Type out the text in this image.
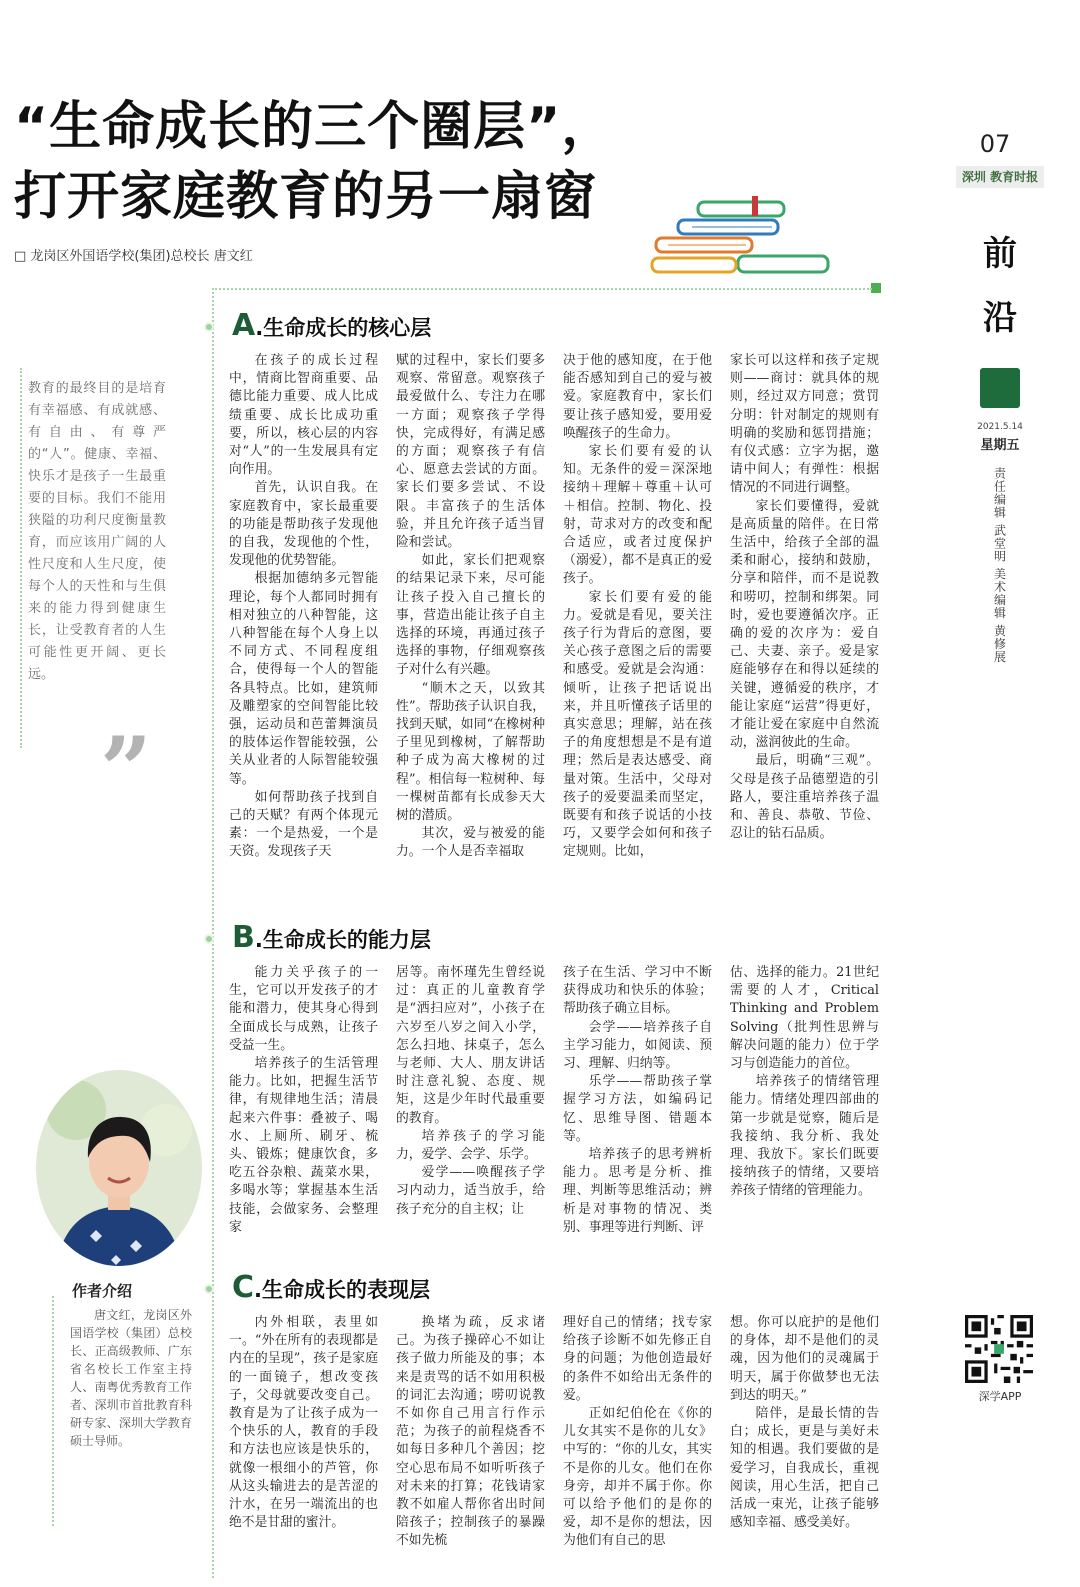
“生命成长的三个圈层”，
打开家庭教育的另一扇窗
□ 龙岗区外国语学校(集团)总校长 唐文红
07
深圳 教育时报
前
沿
2021.5.14
星期五
责任编辑 武堂明 美术编辑 黄修展
深学APP
教育的最终目的是培育有幸福感、有成就感、有自由、有尊严的“人”。健康、幸福、快乐才是孩子一生最重要的目标。我们不能用狭隘的功利尺度衡量教育，而应该用广阔的人性尺度和人生尺度，使每个人的天性和与生俱来的能力得到健康生长，让受教育者的人生可能性更开阔、更长远。
”
A.生命成长的核心层

在孩子的成长过程中，情商比智商重要、品德比能力重要、成人比成绩重要、成长比成功重要，所以，核心层的内容对“人”的一生发展具有定向作用。

首先，认识自我。在家庭教育中，家长最重要的功能是帮助孩子发现他的自我，发现他的个性，发现他的优势智能。

根据加德纳多元智能理论，每个人都同时拥有相对独立的八种智能，这八种智能在每个人身上以不同方式、不同程度组合，使得每一个人的智能各具特点。比如，建筑师及雕塑家的空间智能比较强，运动员和芭蕾舞演员的肢体运作智能较强，公关从业者的人际智能较强等。

如何帮助孩子找到自己的天赋？有两个体现元素：一个是热爱，一个是天资。发现孩子天

赋的过程中，家长们要多观察、常留意。观察孩子最爱做什么、专注力在哪一方面；观察孩子学得快，完成得好，有满足感的方面；观察孩子有信心、愿意去尝试的方面。家长们要多尝试、不设限。丰富孩子的生活体验，并且允许孩子适当冒险和尝试。

如此，家长们把观察的结果记录下来，尽可能让孩子投入自己擅长的事，营造出能让孩子自主选择的环境，再通过孩子选择的事物，仔细观察孩子对什么有兴趣。

“顺木之天，以致其性”。帮助孩子认识自我，找到天赋，如同“在橡树种子里见到橡树，了解帮助种子成为高大橡树的过程”。相信每一粒树种、每一棵树苗都有长成参天大树的潜质。

其次，爱与被爱的能力。一个人是否幸福取

决于他的感知度，在于他能否感知到自己的爱与被爱。家庭教育中，家长们要让孩子感知爱，要用爱唤醒孩子的生命力。

家长们要有爱的认知。无条件的爱＝深深地接纳＋理解＋尊重＋认可＋相信。控制、物化、投射，苛求对方的改变和配合适应，或者过度保护（溺爱），都不是真正的爱孩子。

家长们要有爱的能力。爱就是看见，要关注孩子行为背后的意图，要关心孩子意图之后的需要和感受。爱就是会沟通：倾听，让孩子把话说出来，并且听懂孩子话里的真实意思；理解，站在孩子的角度想想是不是有道理；然后是表达感受、商量对策。生活中，父母对孩子的爱要温柔而坚定，既要有和孩子说话的小技巧，又要学会如何和孩子定规则。比如，

家长可以这样和孩子定规则——商讨：就具体的规则，经过双方同意；赏罚分明：针对制定的规则有明确的奖励和惩罚措施；有仪式感：立字为据，邀请中间人；有弹性：根据情况的不同进行调整。

家长们要懂得，爱就是高质量的陪伴。在日常生活中，给孩子全部的温柔和耐心，接纳和鼓励，分享和陪伴，而不是说教和唠叨，控制和绑架。同时，爱也要遵循次序。正确的爱的次序为：爱自己、夫妻、亲子。爱是家庭能够存在和得以延续的关键，遵循爱的秩序，才能让家庭“运营”得更好，才能让爱在家庭中自然流动，滋润彼此的生命。

最后，明确“三观”。父母是孩子品德塑造的引路人，要注重培养孩子温和、善良、恭敬、节俭、忍让的钻石品质。

B.生命成长的能力层

能力关乎孩子的一生，它可以开发孩子的才能和潜力，使其身心得到全面成长与成熟，让孩子受益一生。

培养孩子的生活管理能力。比如，把握生活节律，有规律地生活；清晨起来六件事：叠被子、喝水、上厕所、刷牙、梳头、锻炼；健康饮食，多吃五谷杂粮、蔬菜水果，多喝水等；掌握基本生活技能，会做家务、会整理家

居等。南怀瑾先生曾经说过：真正的儿童教育学是“洒扫应对”，小孩子在六岁至八岁之间入小学，怎么扫地、抹桌子，怎么与老师、大人、朋友讲话时注意礼貌、态度、规矩，这是少年时代最重要的教育。

培养孩子的学习能力，爱学、会学、乐学。

爱学——唤醒孩子学习内动力，适当放手，给孩子充分的自主权；让

孩子在生活、学习中不断获得成功和快乐的体验；帮助孩子确立目标。

会学——培养孩子自主学习能力，如阅读、预习、理解、归纳等。

乐学——帮助孩子掌握学习方法，如编码记忆、思维导图、错题本等。

培养孩子的思考辨析能力。思考是分析、推理、判断等思维活动；辨析是对事物的情况、类别、事理等进行判断、评

估、选择的能力。21世纪需要的人才，Critical Thinking and Problem Solving（批判性思辨与解决问题的能力）位于学习与创造能力的首位。

培养孩子的情绪管理能力。情绪处理四部曲的第一步就是觉察，随后是我接纳、我分析、我处理、我放下。家长们既要接纳孩子的情绪，又要培养孩子情绪的管理能力。

C.生命成长的表现层

内外相联，表里如一。“外在所有的表现都是内在的呈现”，孩子是家庭的一面镜子，想改变孩子，父母就要改变自己。教育是为了让孩子成为一个快乐的人，教育的手段和方法也应该是快乐的，就像一根细小的芦管，你从这头输进去的是苦涩的汁水，在另一端流出的也绝不是甘甜的蜜汁。

换堵为疏，反求诸己。为孩子操碎心不如让孩子做力所能及的事；本来是责骂的话不如用积极的词汇去沟通；唠叨说教不如你自己用言行作示范；为孩子的前程烧香不如每日多种几个善因；挖空心思布局不如听听孩子对未来的打算；花钱请家教不如雇人帮你省出时间陪孩子；控制孩子的暴躁不如先梳

理好自己的情绪；找专家给孩子诊断不如先修正自身的问题；为他创造最好的条件不如给出无条件的爱。

正如纪伯伦在《你的儿女其实不是你的儿女》中写的：“你的儿女，其实不是你的儿女。他们在你身旁，却并不属于你。你可以给予他们的是你的爱，却不是你的想法，因为他们有自己的思

想。你可以庇护的是他们的身体，却不是他们的灵魂，因为他们的灵魂属于明天，属于你做梦也无法到达的明天。”

陪伴，是最长情的告白；成长，更是与美好未知的相遇。我们要做的是爱学习，自我成长，重视阅读，用心生活，把自己活成一束光，让孩子能够感知幸福、感受美好。

作者介绍
唐文红，龙岗区外国语学校（集团）总校长、正高级教师、广东省名校长工作室主持人、南粤优秀教育工作者、深圳市首批教育科研专家、深圳大学教育硕士导师。
